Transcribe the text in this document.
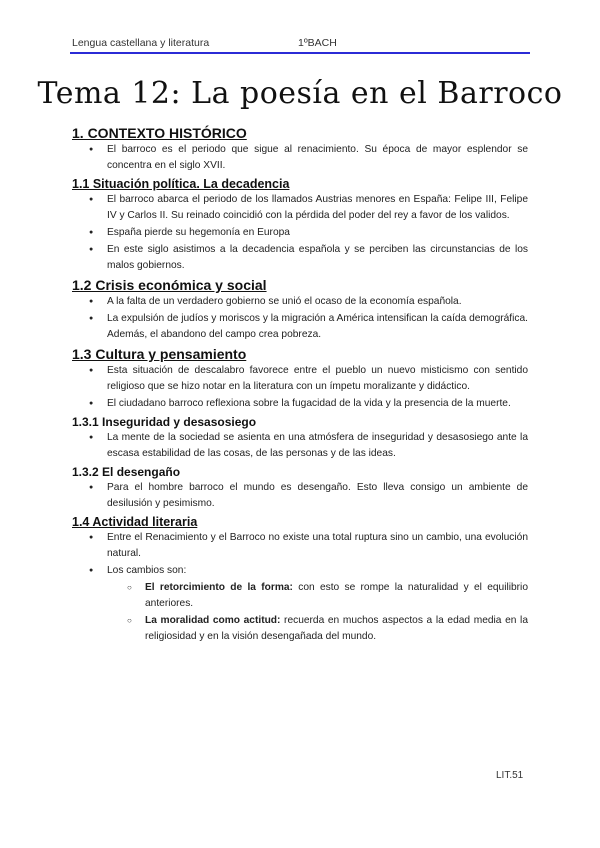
Lengua castellana y literatura	1ºBACH
Tema 12: La poesía en el Barroco
1. CONTEXTO HISTÓRICO
● El barroco es el periodo que sigue al renacimiento. Su época de mayor esplendor se concentra en el siglo XVII.
1.1 Situación política. La decadencia
● El barroco abarca el periodo de los llamados Austrias menores en España: Felipe III, Felipe IV y Carlos II. Su reinado coincidió con la pérdida del poder del rey a favor de los validos.
● España pierde su hegemonía en Europa
● En este siglo asistimos a la decadencia española y se perciben las circunstancias de los malos gobiernos.
1.2 Crisis económica y social
● A la falta de un verdadero gobierno se unió el ocaso de la economía española.
● La expulsión de judíos y moriscos y la migración a América intensifican la caída demográfica. Además, el abandono del campo crea pobreza.
1.3 Cultura y pensamiento
● Esta situación de descalabro favorece entre el pueblo un nuevo misticismo con sentido religioso que se hizo notar en la literatura con un ímpetu moralizante y didáctico.
● El ciudadano barroco reflexiona sobre la fugacidad de la vida y la presencia de la muerte.
1.3.1 Inseguridad y desasosiego
● La mente de la sociedad se asienta en una atmósfera de inseguridad y desasosiego ante la escasa estabilidad de las cosas, de las personas y de las ideas.
1.3.2 El desengaño
● Para el hombre barroco el mundo es desengaño. Esto lleva consigo un ambiente de desilusión y pesimismo.
1.4 Actividad literaria
● Entre el Renacimiento y el Barroco no existe una total ruptura sino un cambio, una evolución natural.
● Los cambios son:
○ El retorcimiento de la forma: con esto se rompe la naturalidad y el equilibrio anteriores.
○ La moralidad como actitud: recuerda en muchos aspectos a la edad media en la religiosidad y en la visión desengañada del mundo.
LIT.51
